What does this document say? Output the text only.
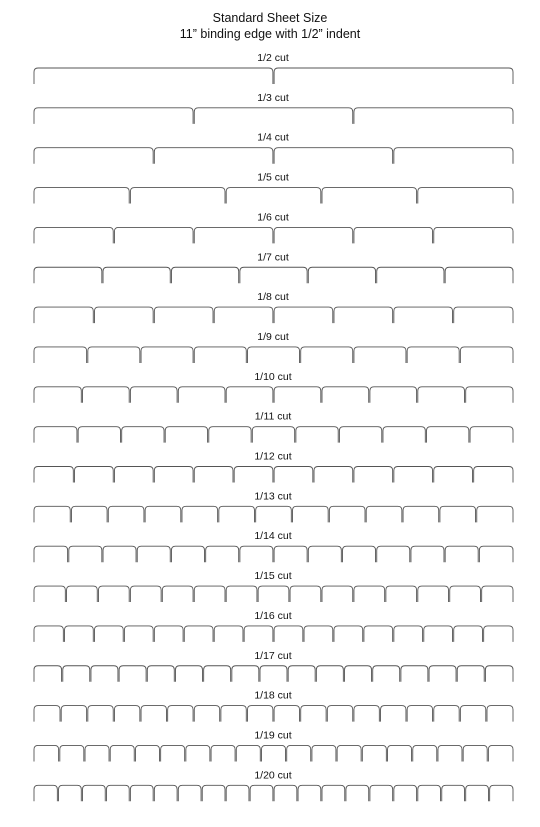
Standard Sheet Size
11” binding edge with 1/2” indent
1/2 cut
1/3 cut
1/4 cut
1/5 cut
1/6 cut
1/7 cut
1/8 cut
1/9 cut
1/10 cut
1/11 cut
1/12 cut
1/13 cut
1/14 cut
1/15 cut
1/16 cut
1/17 cut
1/18 cut
1/19 cut
1/20 cut
